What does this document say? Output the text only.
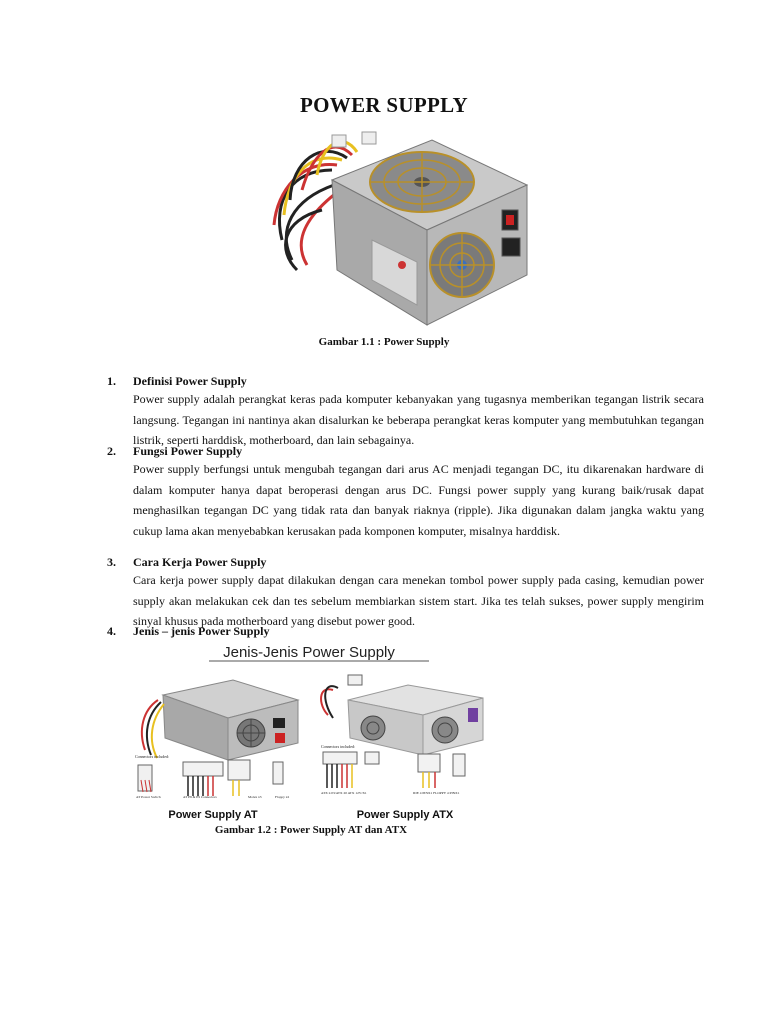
POWER SUPPLY
Gambar 1.1 : Power Supply
1. Definisi Power Supply
Power supply adalah perangkat keras pada komputer kebanyakan yang tugasnya memberikan tegangan listrik secara langsung. Tegangan ini nantinya akan disalurkan ke beberapa perangkat keras komputer yang membutuhkan tegangan listrik, seperti harddisk, motherboard, dan lain sebagainya.
2. Fungsi Power Supply
Power supply berfungsi untuk mengubah tegangan dari arus AC menjadi tegangan DC, itu dikarenakan hardware di dalam komputer hanya dapat beroperasi dengan arus DC. Fungsi power supply yang kurang baik/rusak dapat menghasilkan tegangan DC yang tidak rata dan banyak riaknya (ripple). Jika digunakan dalam jangka waktu yang cukup lama akan menyebabkan kerusakan pada komponen komputer, misalnya harddisk.
3. Cara Kerja Power Supply
Cara kerja power supply dapat dilakukan dengan cara menekan tombol power supply pada casing, kemudian power supply akan melakukan cek dan tes sebelum membiarkan sistem start. Jika tes telah sukses, power supply mengirim sinyal khusus pada motherboard yang disebut power good.
4. Jenis – jenis Power Supply
Jenis-Jenis Power Supply
Connectors included:
AT Power Switch	AT P8 & P9 Connectors	Molex x3	Floppy x2
Connectors included:
ATX 2.03/ATX 20 ATX 12V/X1	IDE 4 PINX1 FLOPPY 4 PINX1
Power Supply AT	Power Supply ATX
Gambar 1.2 : Power Supply AT dan ATX
